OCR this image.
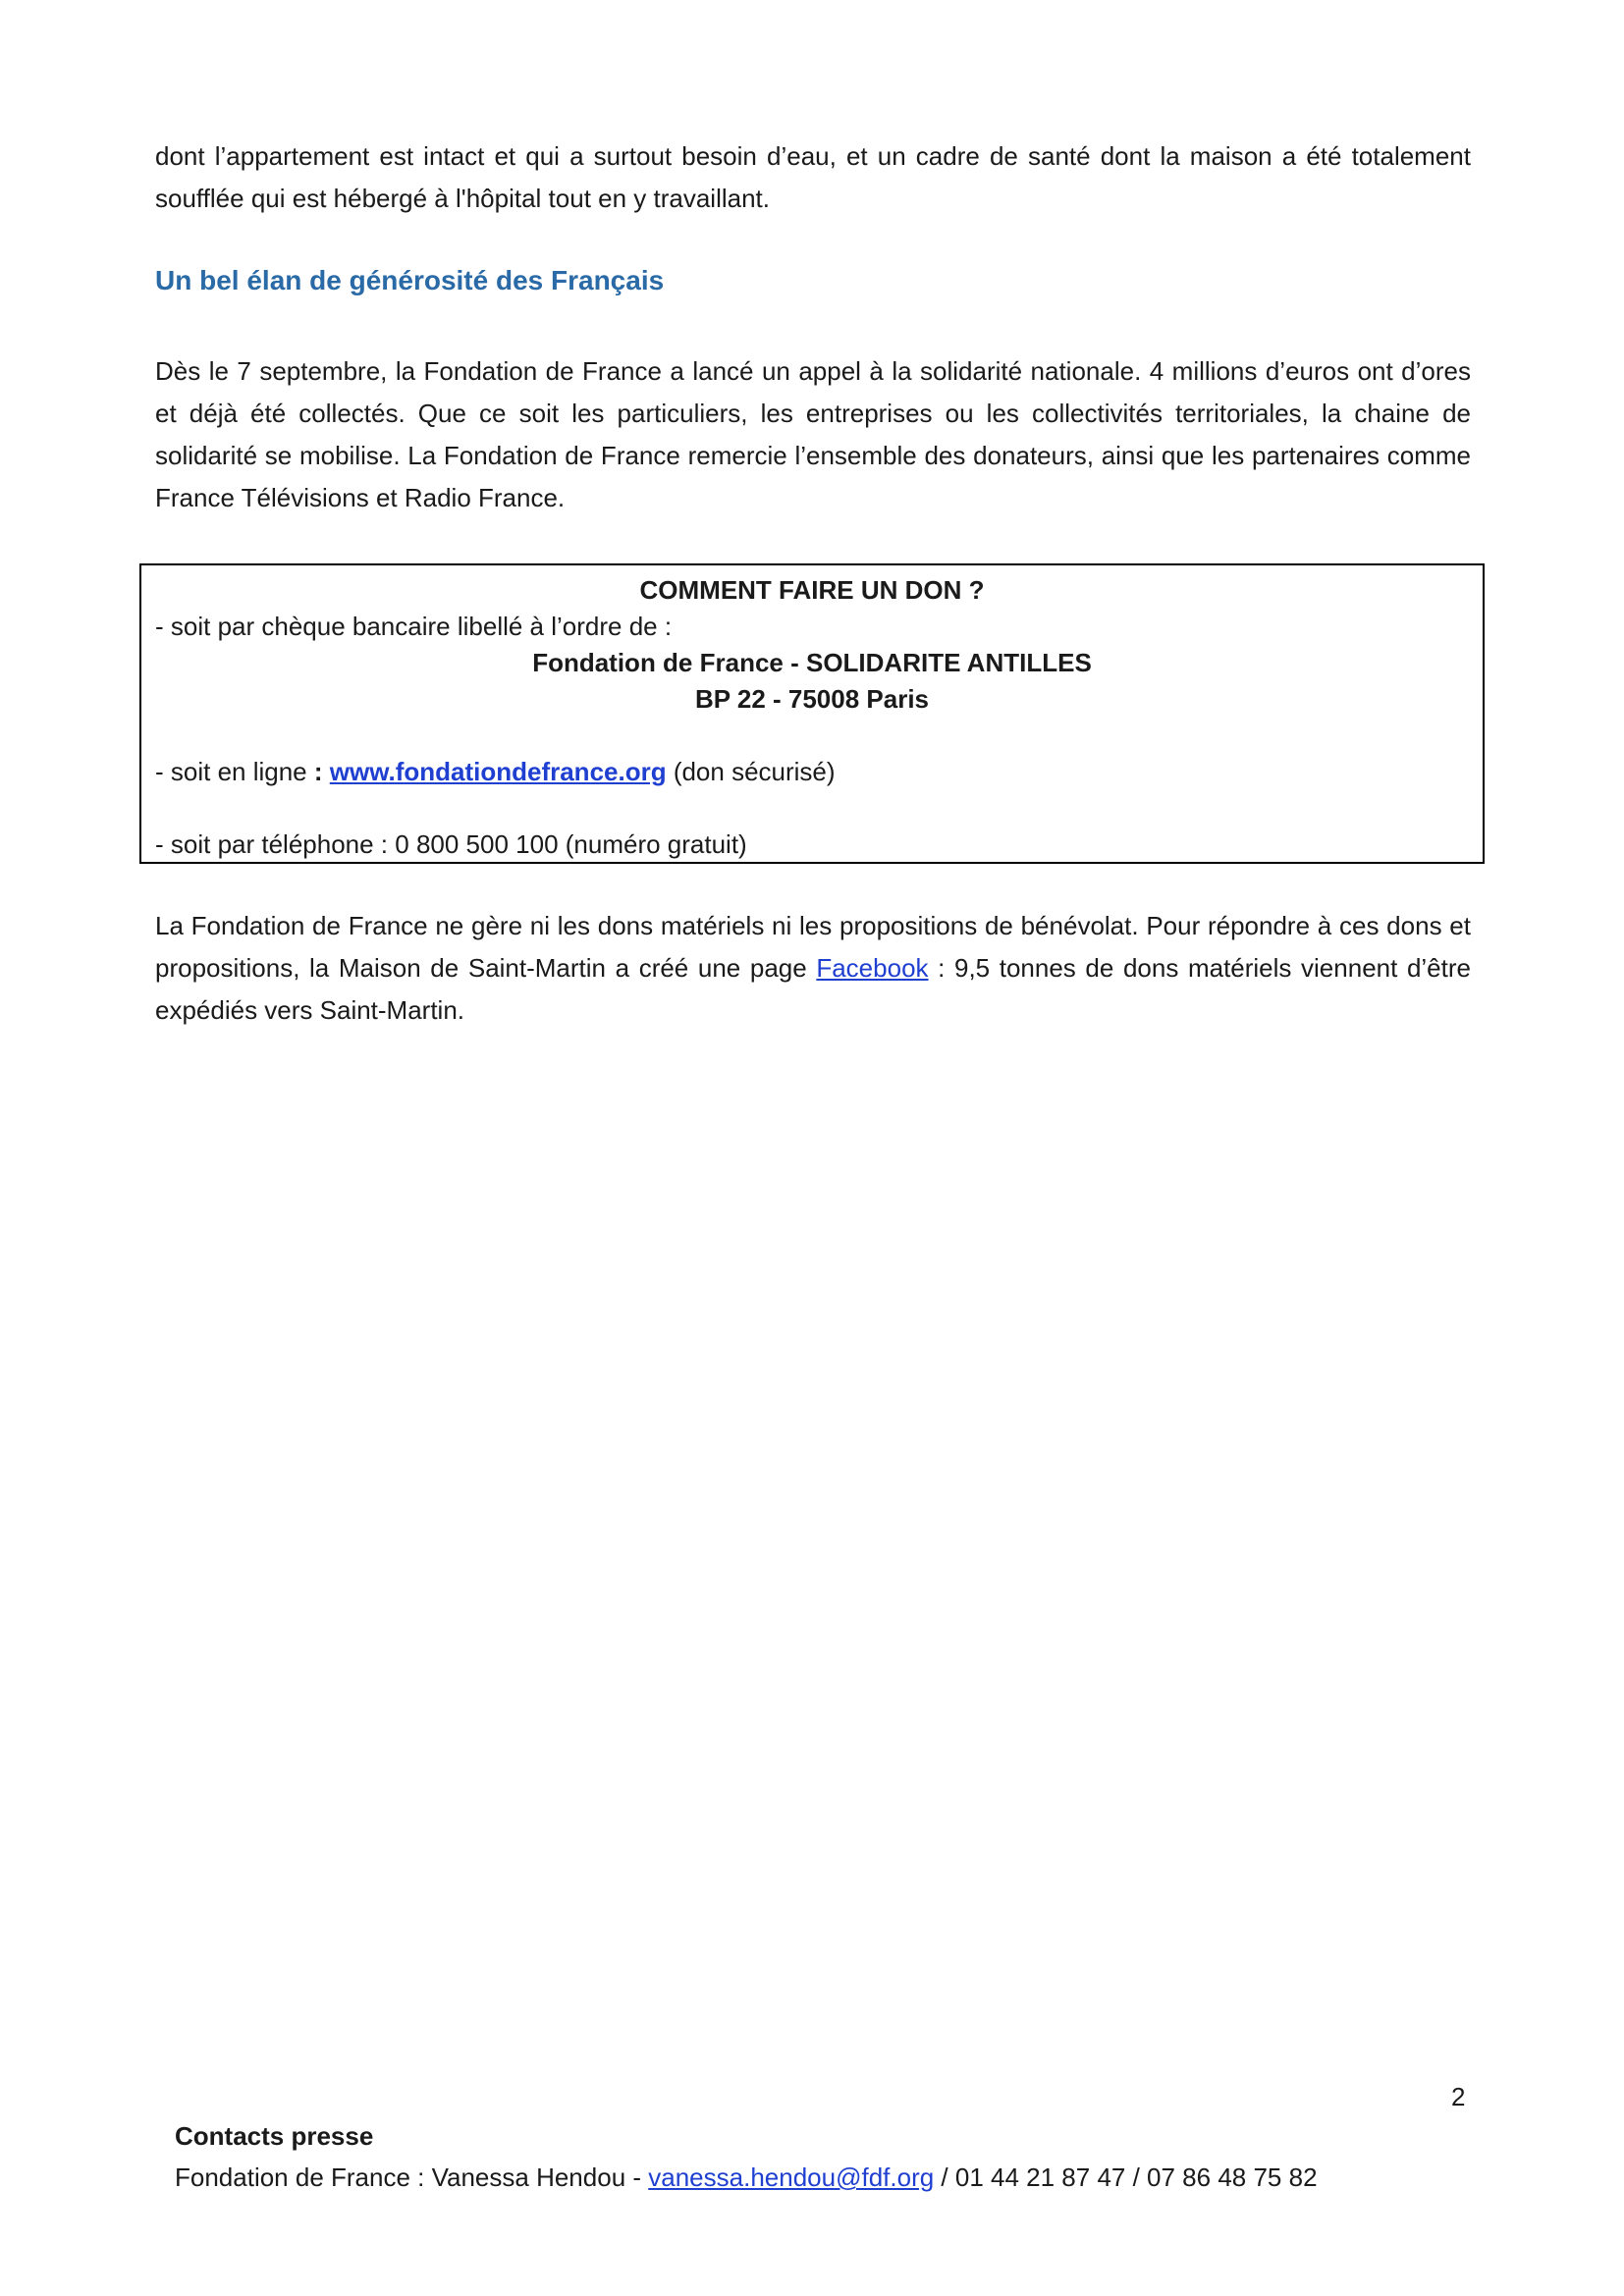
dont l’appartement est intact et qui a surtout besoin d’eau, et un cadre de santé dont la maison a été totalement soufflée qui est hébergé à l'hôpital tout en y travaillant.

Un bel élan de générosité des Français

Dès le 7 septembre, la Fondation de France a lancé un appel à la solidarité nationale. 4 millions d’euros ont d’ores et déjà été collectés. Que ce soit les particuliers, les entreprises ou les collectivités territoriales, la chaine de solidarité se mobilise. La Fondation de France remercie l’ensemble des donateurs, ainsi que les partenaires comme France Télévisions et Radio France.

COMMENT FAIRE UN DON ?
- soit par chèque bancaire libellé à l’ordre de :
Fondation de France - SOLIDARITE ANTILLES
BP 22 - 75008 Paris
- soit en ligne : www.fondationdefrance.org (don sécurisé)
- soit par téléphone : 0 800 500 100 (numéro gratuit)

La Fondation de France ne gère ni les dons matériels ni les propositions de bénévolat. Pour répondre à ces dons et propositions, la Maison de Saint-Martin a créé une page Facebook : 9,5 tonnes de dons matériels viennent d’être expédiés vers Saint-Martin.

2
Contacts presse
Fondation de France : Vanessa Hendou - vanessa.hendou@fdf.org / 01 44 21 87 47 / 07 86 48 75 82
